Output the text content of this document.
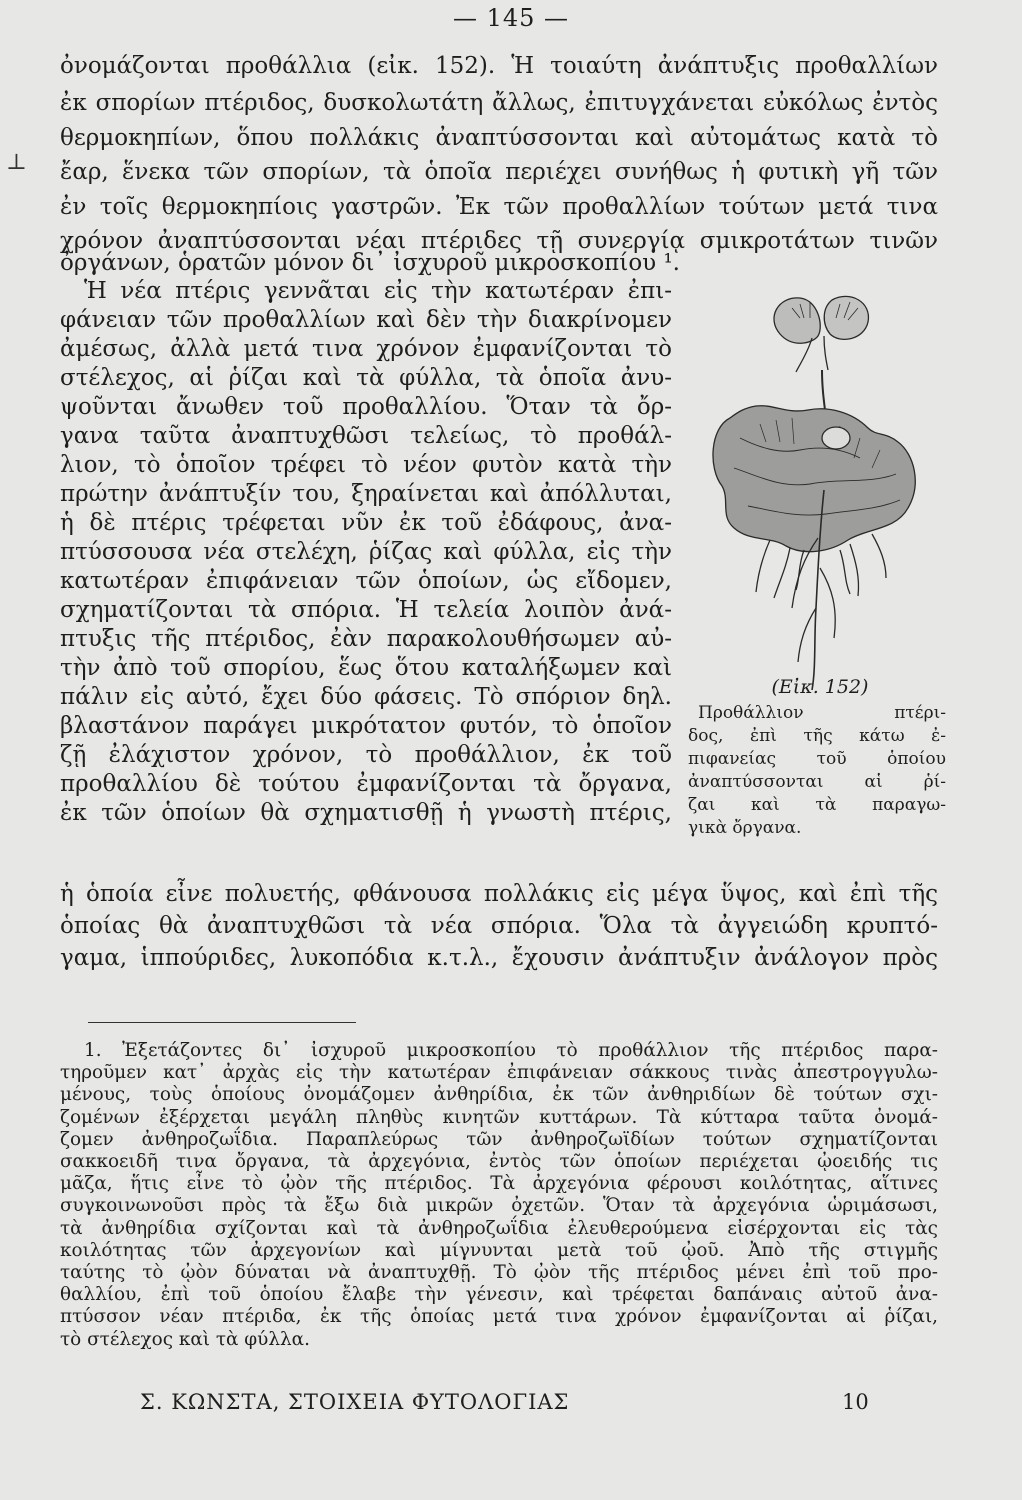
— 145 —
⊥
ὀνομάζονται προθάλλια (εἰκ. 152). Ἡ τοιαύτη ἀνάπτυξις προθαλλίων
ἐκ σπορίων πτέριδος, δυσκολωτάτη ἄλλως, ἐπιτυγχάνεται εὐκόλως ἐντὸς
θερμοκηπίων, ὅπου πολλάκις ἀναπτύσσονται καὶ αὐτομάτως κατὰ τὸ
ἔαρ, ἕνεκα τῶν σπορίων, τὰ ὁποῖα περιέχει συνήθως ἡ φυτικὴ γῆ τῶν
ἐν τοῖς θερμοκηπίοις γαστρῶν. Ἐκ τῶν προθαλλίων τούτων μετά τινα
χρόνον ἀναπτύσσονται νέαι πτέριδες τῇ συνεργίᾳ σμικροτάτων τινῶν
ὀργάνων, ὁρατῶν μόνον δι᾽ ἰσχυροῦ μικροσκοπίου ¹.
Ἡ νέα πτέρις γεννᾶται εἰς τὴν κατωτέραν ἐπι-
φάνειαν τῶν προθαλλίων καὶ δὲν τὴν διακρίνομεν
ἀμέσως, ἀλλὰ μετά τινα χρόνον ἐμφανίζονται τὸ
στέλεχος, αἱ ῥίζαι καὶ τὰ φύλλα, τὰ ὁποῖα ἀνυ-
ψοῦνται ἄνωθεν τοῦ προθαλλίου. Ὅταν τὰ ὄρ-
γανα ταῦτα ἀναπτυχθῶσι τελείως, τὸ προθάλ-
λιον, τὸ ὁποῖον τρέφει τὸ νέον φυτὸν κατὰ τὴν
πρώτην ἀνάπτυξίν του, ξηραίνεται καὶ ἀπόλλυται,
ἡ δὲ πτέρις τρέφεται νῦν ἐκ τοῦ ἐδάφους, ἀνα-
πτύσσουσα νέα στελέχη, ῥίζας καὶ φύλλα, εἰς τὴν
κατωτέραν ἐπιφάνειαν τῶν ὁποίων, ὡς εἴδομεν,
σχηματίζονται τὰ σπόρια. Ἡ τελεία λοιπὸν ἀνά-
πτυξις τῆς πτέριδος, ἐὰν παρακολουθήσωμεν αὐ-
τὴν ἀπὸ τοῦ σπορίου, ἕως ὅτου καταλήξωμεν καὶ
πάλιν εἰς αὐτό, ἔχει δύο φάσεις. Τὸ σπόριον δηλ.
βλαστάνον παράγει μικρότατον φυτόν, τὸ ὁποῖον
ζῇ ἐλάχιστον χρόνον, τὸ προθάλλιον, ἐκ τοῦ
προθαλλίου δὲ τούτου ἐμφανίζονται τὰ ὄργανα,
ἐκ τῶν ὁποίων θὰ σχηματισθῇ ἡ γνωστὴ πτέρις,
(Εἰκ. 152)
Προθάλλιον πτέρι-
δος, ἐπὶ τῆς κάτω ἐ-
πιφανείας τοῦ ὁποίου
ἀναπτύσσονται αἱ ῥί-
ζαι καὶ τὰ παραγω-
γικὰ ὄργανα.
ἡ ὁποία εἶνε πολυετής, φθάνουσα πολλάκις εἰς μέγα ὕψος, καὶ ἐπὶ τῆς
ὁποίας θὰ ἀναπτυχθῶσι τὰ νέα σπόρια. Ὅλα τὰ ἀγγειώδη κρυπτό-
γαμα, ἱππούριδες, λυκοπόδια κ.τ.λ., ἔχουσιν ἀνάπτυξιν ἀνάλογον πρὸς
1. Ἐξετάζοντες δι᾽ ἰσχυροῦ μικροσκοπίου τὸ προθάλλιον τῆς πτέριδος παρα-
τηροῦμεν κατ᾽ ἀρχὰς εἰς τὴν κατωτέραν ἐπιφάνειαν σάκκους τινὰς ἀπεστρογγυλω-
μένους, τοὺς ὁποίους ὀνομάζομεν ἀνθηρίδια, ἐκ τῶν ἀνθηριδίων δὲ τούτων σχι-
ζομένων ἐξέρχεται μεγάλη πληθὺς κινητῶν κυττάρων. Τὰ κύτταρα ταῦτα ὀνομά-
ζομεν ἀνθηροζωΐδια. Παραπλεύρως τῶν ἀνθηροζωϊδίων τούτων σχηματίζονται
σακκοειδῆ τινα ὄργανα, τὰ ἀρχεγόνια, ἐντὸς τῶν ὁποίων περιέχεται ᾠοειδής τις
μᾶζα, ἥτις εἶνε τὸ ᾠὸν τῆς πτέριδος. Τὰ ἀρχεγόνια φέρουσι κοιλότητας, αἵτινες
συγκοινωνοῦσι πρὸς τὰ ἔξω διὰ μικρῶν ὀχετῶν. Ὅταν τὰ ἀρχεγόνια ὡριμάσωσι,
τὰ ἀνθηρίδια σχίζονται καὶ τὰ ἀνθηροζωΐδια ἐλευθερούμενα εἰσέρχονται εἰς τὰς
κοιλότητας τῶν ἀρχεγονίων καὶ μίγνυνται μετὰ τοῦ ᾠοῦ. Ἀπὸ τῆς στιγμῆς
ταύτης τὸ ᾠὸν δύναται νὰ ἀναπτυχθῇ. Τὸ ᾠὸν τῆς πτέριδος μένει ἐπὶ τοῦ προ-
θαλλίου, ἐπὶ τοῦ ὁποίου ἔλαβε τὴν γένεσιν, καὶ τρέφεται δαπάναις αὐτοῦ ἀνα-
πτύσσον νέαν πτέριδα, ἐκ τῆς ὁποίας μετά τινα χρόνον ἐμφανίζονται αἱ ῥίζαι,
τὸ στέλεχος καὶ τὰ φύλλα.
Σ. ΚΩΝΣΤΑ, ΣΤΟΙΧΕΙΑ ΦΥΤΟΛΟΓΙΑΣ	10
